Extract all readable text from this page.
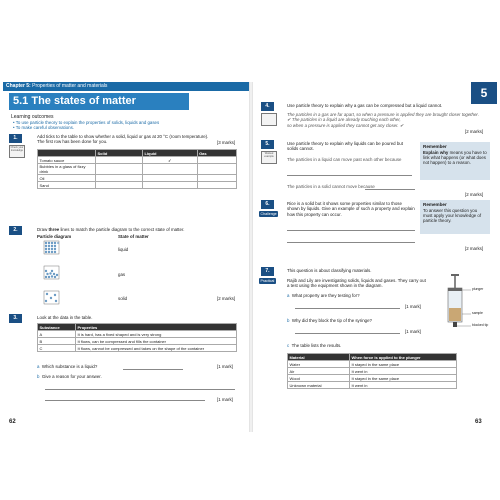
Chapter 5: Properties of matter and materials
5.1 The states of matter
Learning outcomes
• To use particle theory to explain the properties of solids, liquids and gases
• To make careful observations.
1.
Check your knowledge
Add ticks to the table to show whether a solid, liquid or gas at 20 °C (room temperature). The first row has been done for you.	[3 marks]
	Solid	Liquid	Gas
Tomato sauce		✓	
Bubbles in a glass of fizzy drink			
Oil			
Sand			
2.	Draw three lines to match the particle diagram to the correct state of matter.
Particle diagram	State of matter
liquid
gas
solid	[2 marks]
3.	Look at the data in the table.
Substance	Properties
A	It is hard, has a fixed shaped and is very strong
B	It flows, can be compressed and fills the container
C	It flows, cannot be compressed and takes on the shape of the container
a Which substance is a liquid?	[1 mark]
b Give a reason for your answer.
[1 mark]
62
5
4.	Use particle theory to explain why a gas can be compressed but a liquid cannot.
The particles in a gas are far apart, so when a pressure is applied they are brought closer together. ✔ The particles in a liquid are already touching each other,
so when a pressure is applied they cannot get any closer. ✔
[2 marks]
5.
Worked example
Use particle theory to explain why liquids can be poured but solids cannot.
The particles in a liquid can move past each other because
The particles in a solid cannot move because
[2 marks]
Remember
Explain why means you have to link what happens (or what does not happen) to a reason.
6.
Challenge
Rice is a solid but it shows some properties similar to those shown by liquids. Give an example of such a property and explain how this property can occur.
[2 marks]
Remember
To answer this question you must apply your knowledge of particle theory.
7.
Practical
This question is about classifying materials.
Rajib and Lily are investigating solids, liquids and gases. They carry out a test using the equipment shown in the diagram.
a What property are they testing for?
[1 mark]
b Why did they block the tip of the syringe?
[1 mark]
c The table lists the results.
plunger
sample
blocked tip
Material	When force is applied to the plunger
Water	It stayed in the same place
Air	It went in
Wood	It stayed in the same place
Unknown material	It went in
63
